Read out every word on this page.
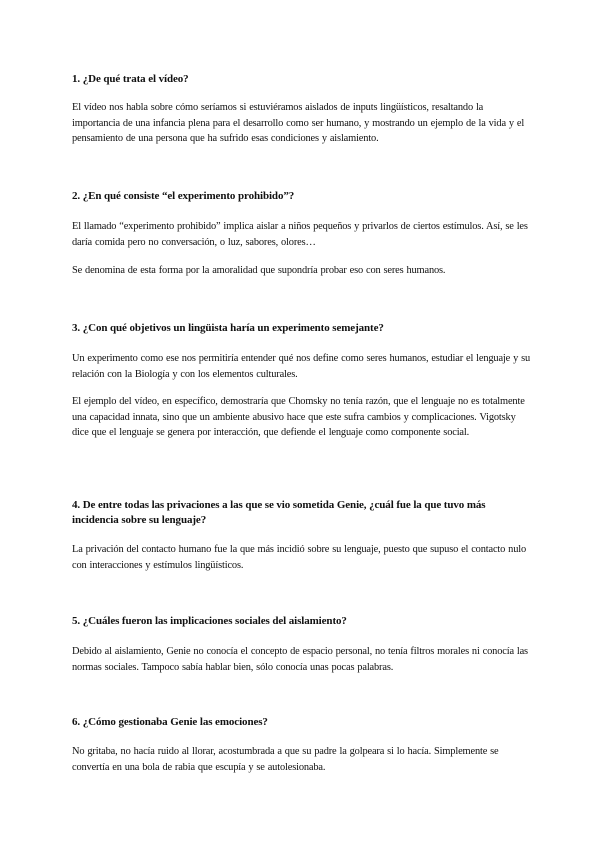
1. ¿De qué trata el vídeo?

El vídeo nos habla sobre cómo seríamos si estuviéramos aislados de inputs lingüísticos, resaltando la importancia de una infancia plena para el desarrollo como ser humano, y mostrando un ejemplo de la vida y el pensamiento de una persona que ha sufrido esas condiciones y aislamiento.

2. ¿En qué consiste “el experimento prohibido”?

El llamado “experimento prohibido” implica aislar a niños pequeños y privarlos de ciertos estímulos. Así, se les daría comida pero no conversación, o luz, sabores, olores…

Se denomina de esta forma por la amoralidad que supondría probar eso con seres humanos.

3. ¿Con qué objetivos un lingüista haría un experimento semejante?

Un experimento como ese nos permitiría entender qué nos define como seres humanos, estudiar el lenguaje y su relación con la Biología y con los elementos culturales.

El ejemplo del vídeo, en específico, demostraría que Chomsky no tenía razón, que el lenguaje no es totalmente una capacidad innata, sino que un ambiente abusivo hace que este sufra cambios y complicaciones. Vigotsky dice que el lenguaje se genera por interacción, que defiende el lenguaje como componente social.

4. De entre todas las privaciones a las que se vio sometida Genie, ¿cuál fue la que tuvo más incidencia sobre su lenguaje?

La privación del contacto humano fue la que más incidió sobre su lenguaje, puesto que supuso el contacto nulo con interacciones y estímulos lingüísticos.

5. ¿Cuáles fueron las implicaciones sociales del aislamiento?

Debido al aislamiento, Genie no conocía el concepto de espacio personal, no tenía filtros morales ni conocía las normas sociales. Tampoco sabía hablar bien, sólo conocía unas pocas palabras.

6. ¿Cómo gestionaba Genie las emociones?

No gritaba, no hacía ruido al llorar, acostumbrada a que su padre la golpeara si lo hacía. Simplemente se convertía en una bola de rabia que escupía y se autolesionaba.
